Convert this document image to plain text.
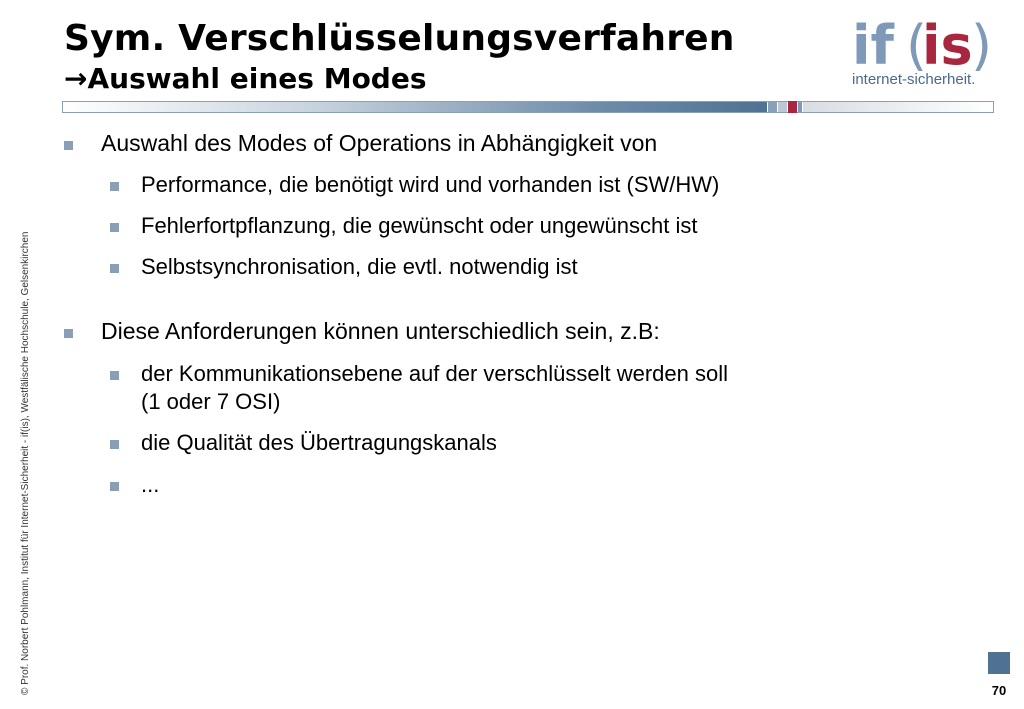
Sym. Verschlüsselungsverfahren
→Auswahl eines Modes
if (
is
)
internet-sicherheit.
Auswahl des Modes of Operations in Abhängigkeit von
Performance, die benötigt wird und vorhanden ist (SW/HW)
Fehlerfortpflanzung, die gewünscht oder ungewünscht ist
Selbstsynchronisation, die evtl. notwendig ist
Diese Anforderungen können unterschiedlich sein, z.B:
der Kommunikationsebene auf der verschlüsselt werden soll
(1 oder 7 OSI)
die Qualität des Übertragungskanals
...
© Prof. Norbert Pohlmann, Institut für Internet-Sicherheit - if(is), Westfälische Hochschule, Gelsenkirchen	70
